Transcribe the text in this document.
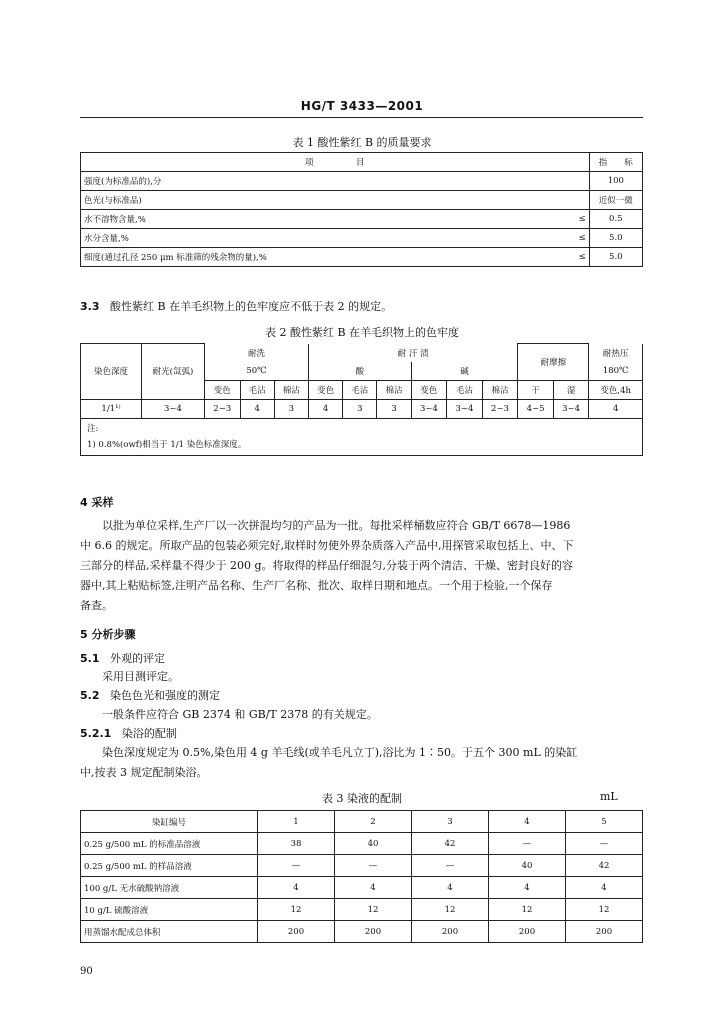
HG/T 3433—2001
表 1 酸性紫红 B 的质量要求
项　　　　　目		指　　标
强度(为标准品的),分		100
色光(与标准品)		近似一微
水不溶物含量,%	≤	0.5
水分含量,%	≤	5.0
细度(通过孔径 250 μm 标准筛的残余物的量),%	≤	5.0
3.3 酸性紫红 B 在羊毛织物上的色牢度应不低于表 2 的规定。
表 2 酸性紫红 B 在羊毛织物上的色牢度
染色深度	耐光(氙弧)	耐洗			耐 汗 渍						耐摩擦		耐热压
		50℃			酸			碱					180℃
		变色	毛沾	棉沾	变色	毛沾	棉沾	变色	毛沾	棉沾	干	湿	变色,4h
1/1¹⁾	3~4	2~3	4	3	4	3	3	3~4	3~4	2~3	4~5	3~4	4

注:
1) 0.8%(owf)相当于 1/1 染色标准深度。													
4 采样
以批为单位采样,生产厂以一次拼混均匀的产品为一批。每批采样桶数应符合 GB/T 6678—1986
中 6.6 的规定。所取产品的包装必须完好,取样时勿使外界杂质落入产品中,用探管采取包括上、中、下
三部分的样品,采样量不得少于 200 g。将取得的样品仔细混匀,分装于两个清洁、干燥、密封良好的容
器中,其上粘贴标签,注明产品名称、生产厂名称、批次、取样日期和地点。一个用于检验,一个保存
备查。
5 分析步骤
5.1 外观的评定
采用目测评定。
5.2 染色色光和强度的测定
一般条件应符合 GB 2374 和 GB/T 2378 的有关规定。
5.2.1 染浴的配制
染色深度规定为 0.5%,染色用 4 g 羊毛线(或羊毛凡立丁),浴比为 1∶50。于五个 300 mL 的染缸
中,按表 3 规定配制染浴。
表 3 染液的配制	mL
染缸编号	1	2	3	4	5
0.25 g/500 mL 的标准品溶液	38	40	42	—	—
0.25 g/500 mL 的样品溶液	—	—	—	40	42
100 g/L 无水硫酸钠溶液	4	4	4	4	4
10 g/L 硫酸溶液	12	12	12	12	12
用蒸馏水配成总体积	200	200	200	200	200
90
